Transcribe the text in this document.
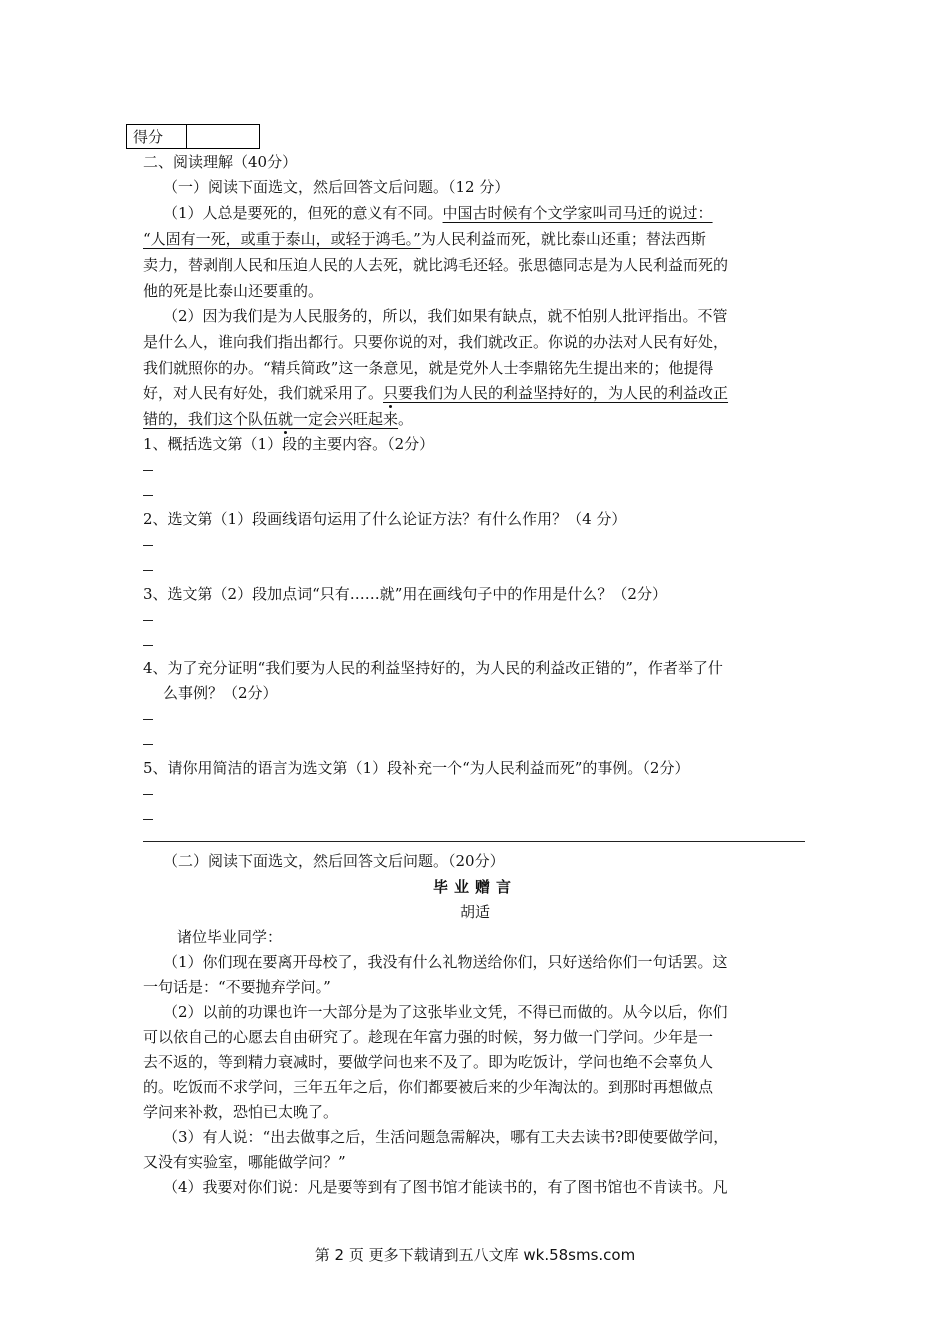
得分
二、阅读理解（40分）
（一）阅读下面选文，然后回答文后问题。（12 分）
（1）人总是要死的，但死的意义有不同。中国古时候有个文学家叫司马迁的说过：
“人固有一死，或重于泰山，或轻于鸿毛。”为人民利益而死，就比泰山还重；替法西斯
卖力，替剥削人民和压迫人民的人去死，就比鸿毛还轻。张思德同志是为人民利益而死的
他的死是比泰山还要重的。
（2）因为我们是为人民服务的，所以，我们如果有缺点，就不怕别人批评指出。不管
是什么人，谁向我们指出都行。只要你说的对，我们就改正。你说的办法对人民有好处，
我们就照你的办。“精兵简政”这一条意见，就是党外人士李鼎铭先生提出来的；他提得
好，对人民有好处，我们就采用了。只要我们为人民的利益坚持好的，为人民的利益改正
错的，我们这个队伍就一定会兴旺起来。
1、概括选文第（1）段的主要内容。（2分）
2、选文第（1）段画线语句运用了什么论证方法？有什么作用？（4 分）
3、选文第（2）段加点词“只有……就”用在画线句子中的作用是什么？（2分）
4、为了充分证明“我们要为人民的利益坚持好的，为人民的利益改正错的”，作者举了什
么事例？（2分）
5、请你用简洁的语言为选文第（1）段补充一个“为人民利益而死”的事例。（2分）
（二）阅读下面选文，然后回答文后问题。（20分）
毕业赠言
胡适
诸位毕业同学：
（1）你们现在要离开母校了，我没有什么礼物送给你们，只好送给你们一句话罢。这
一句话是：“不要抛弃学问。”
（2）以前的功课也许一大部分是为了这张毕业文凭，不得已而做的。从今以后，你们
可以依自己的心愿去自由研究了。趁现在年富力强的时候，努力做一门学问。少年是一
去不返的，等到精力衰减时，要做学问也来不及了。即为吃饭计，学问也绝不会辜负人
的。吃饭而不求学问，三年五年之后，你们都要被后来的少年淘汰的。到那时再想做点
学问来补救，恐怕已太晚了。
（3）有人说：“出去做事之后，生活问题急需解决，哪有工夫去读书?即使要做学问，
又没有实验室，哪能做学问？”
（4）我要对你们说：凡是要等到有了图书馆才能读书的，有了图书馆也不肯读书。凡
第 2 页 更多下载请到五八文库 wk.58sms.com
